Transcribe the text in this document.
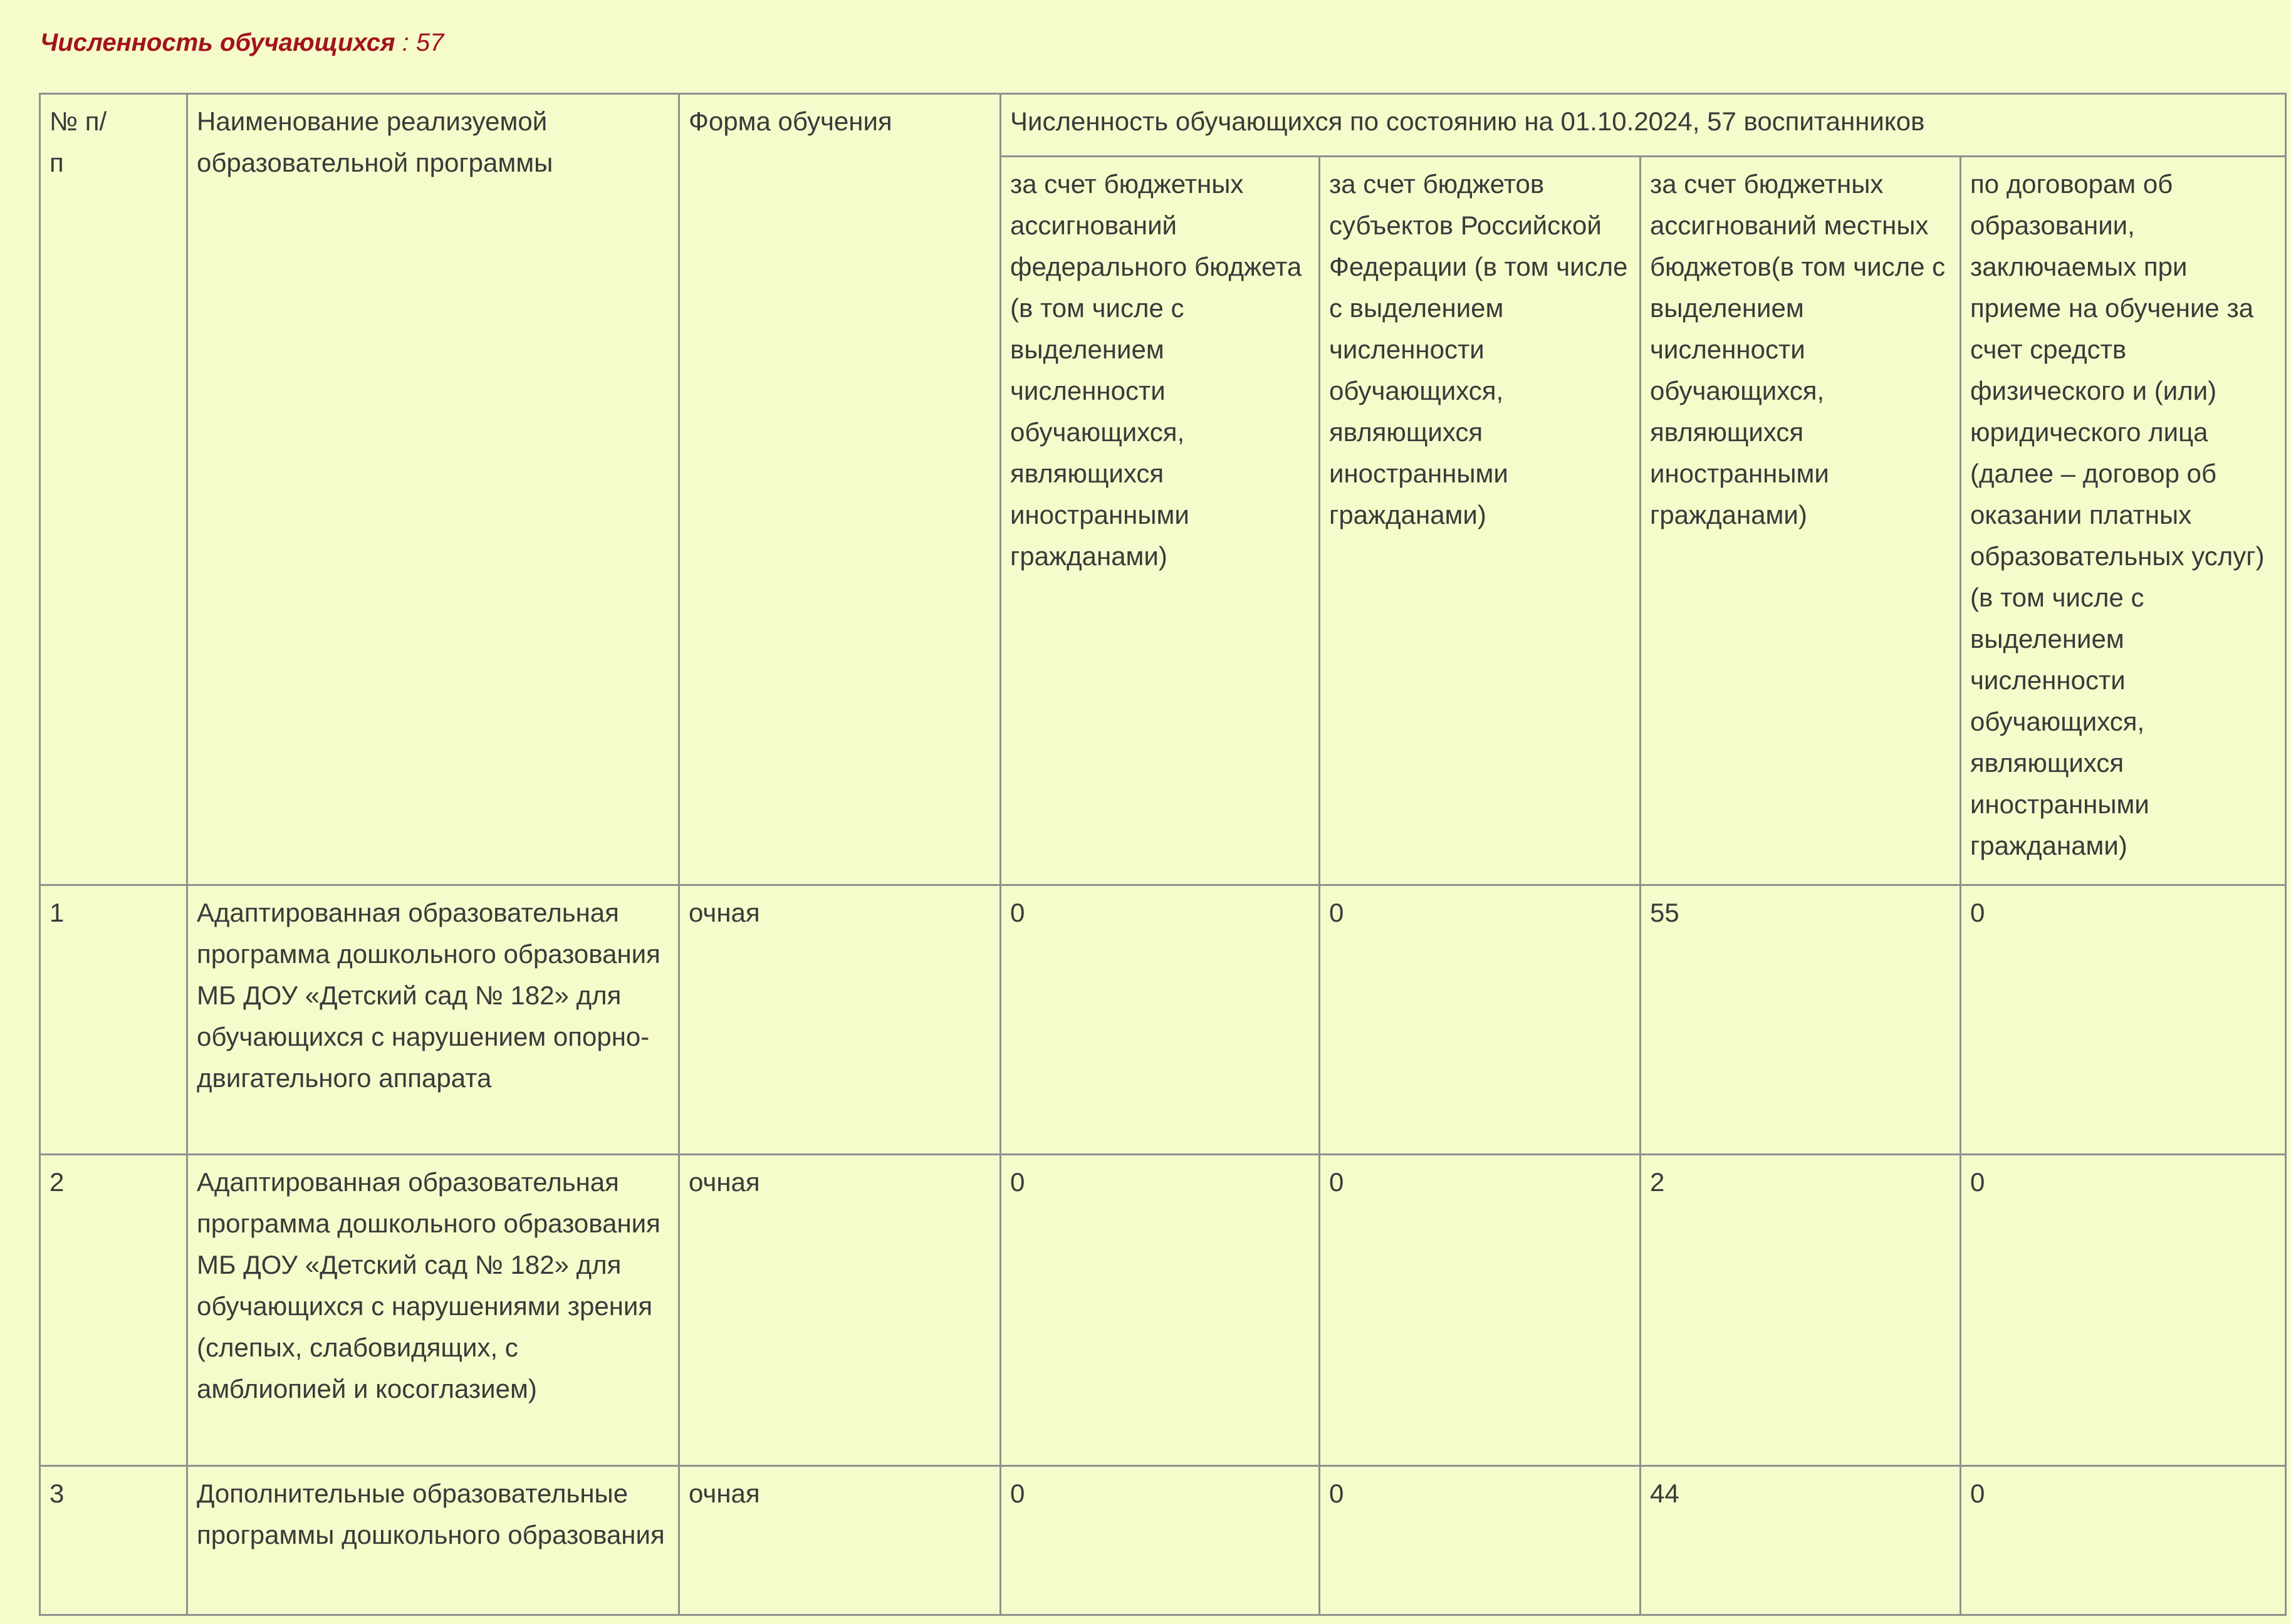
Численность обучающихся : 57
№ п/п	Наименование реализуемой образовательной программы	Форма обучения	Численность обучающихся по состоянию на 01.10.2024, 57 воспитанников			
			за счет бюджетных ассигнований федерального бюджета (в том числе с выделением численности обучающихся, являющихся иностранными гражданами)	за счет бюджетов субъектов Российской Федерации (в том числе с выделением численности обучающихся, являющихся иностранными гражданами)	за счет бюджетных ассигнований местных бюджетов(в том числе с выделением численности обучающихся, являющихся иностранными гражданами)	по договорам об образовании, заключаемых при приеме на обучение за счет средств физического и (или) юридического лица (далее – договор об оказании платных образовательных услуг) (в том числе с выделением численности обучающихся, являющихся иностранными гражданами)
1	Адаптированная образовательная программа дошкольного образования МБ ДОУ «Детский сад № 182» для обучающихся с нарушением опорно-двигательного аппарата	очная	0	0	55	0
2	Адаптированная образовательная программа дошкольного образования МБ ДОУ «Детский сад № 182» для обучающихся с нарушениями зрения (слепых, слабовидящих, с амблиопией и косоглазием)	очная	0	0	2	0
3	Дополнительные образовательные программы дошкольного образования	очная	0	0	44	0
